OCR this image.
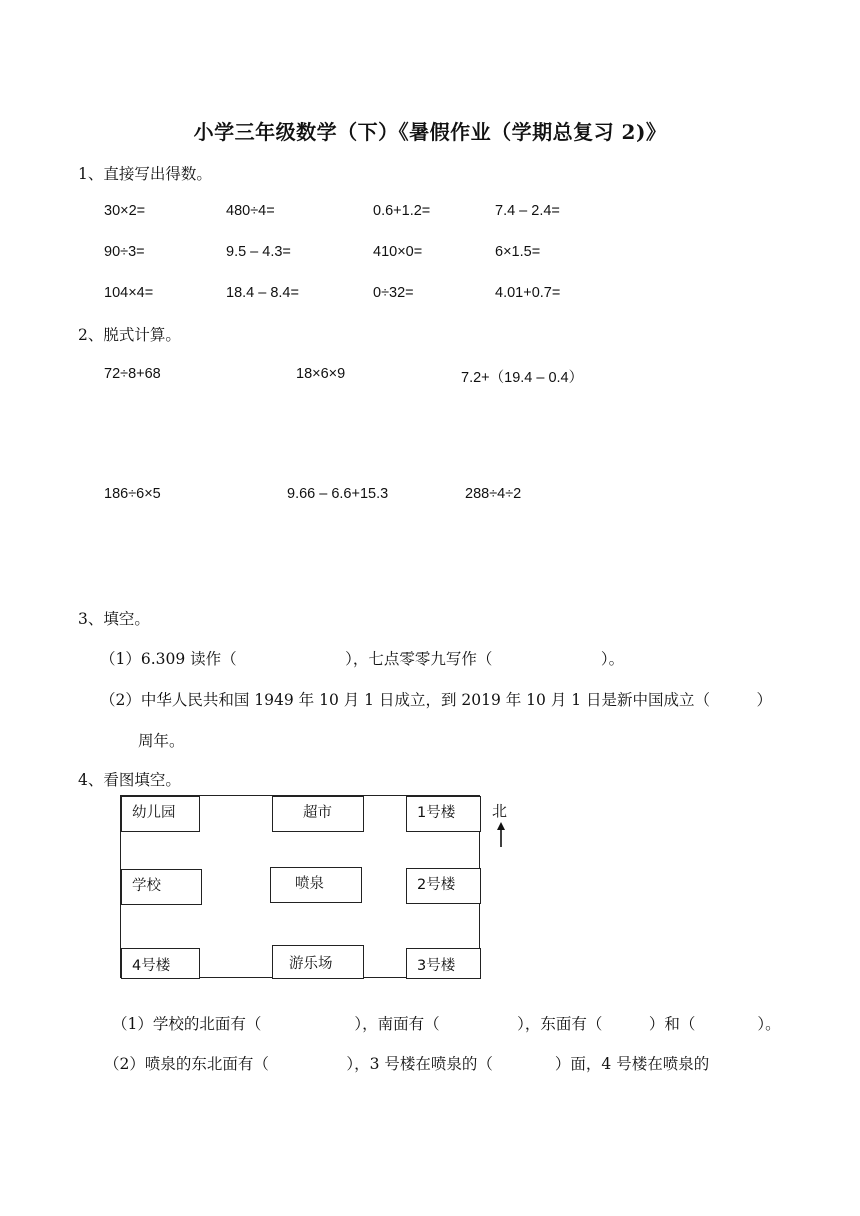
小学三年级数学（下）《暑假作业（学期总复习 2)》
1、直接写出得数。
30×2=	480÷4=	0.6+1.2=	7.4 – 2.4=
90÷3=	9.5 – 4.3=	410×0=	6×1.5=
104×4=	18.4 – 8.4=	0÷32=	4.01+0.7=
2、脱式计算。
72÷8+68	18×6×9	7.2+（19.4 – 0.4）
186÷6×5	9.66 – 6.6+15.3	288÷4÷2
3、填空。
（1）6.309 读作（　　　　　　　），七点零零九写作（　　　　　　　）。
（2）中华人民共和国 1949 年 10 月 1 日成立，到 2019 年 10 月 1 日是新中国成立（　　　）
周年。
4、看图填空。
幼儿园	超市	1号楼
学校	喷泉	2号楼
4号楼	游乐场	3号楼
北
（1）学校的北面有（　　　　　　），南面有（　　　　　），东面有（　　　）和（　　　　）。
（2）喷泉的东北面有（　　　　　），3 号楼在喷泉的（　　　　）面，4 号楼在喷泉的
